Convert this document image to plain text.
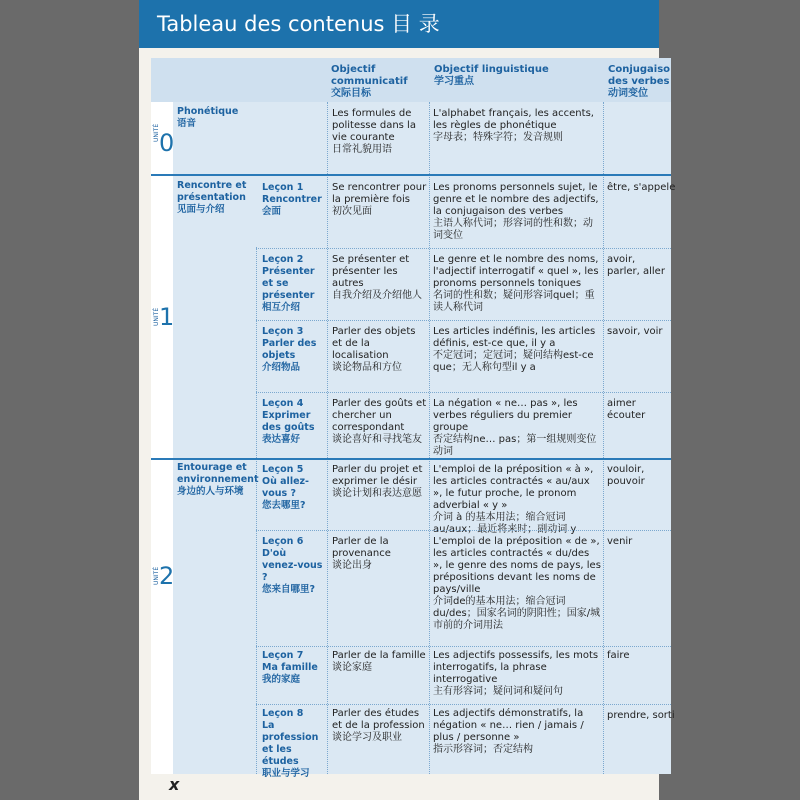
Tableau des contenus 目 录
Objectif communicatif
交际目标
Objectif linguistique
学习重点
Conjugaiso
des verbes
动词变位
UNITÉ 0
Phonétique
语音
Les formules de politesse dans la vie courante
日常礼貌用语
L'alphabet français, les accents, les règles de phonétique
字母表；特殊字符；发音规则
UNITÉ 1
Rencontre et présentation
见面与介绍
Leçon 1
Rencontrer
会面
Se rencontrer pour la première fois
初次见面
Les pronoms personnels sujet, le genre et le nombre des adjectifs, la conjugaison des verbes
主语人称代词；形容词的性和数；动词变位
être, s'appele
Leçon 2
Présenter et se présenter
相互介绍
Se présenter et présenter les autres
自我介绍及介绍他人
Le genre et le nombre des noms, l'adjectif interrogatif « quel », les pronoms personnels toniques
名词的性和数；疑问形容词quel；重读人称代词
avoir, parler, aller
Leçon 3
Parler des objets
介绍物品
Parler des objets et de la localisation
谈论物品和方位
Les articles indéfinis, les articles définis, est-ce que, il y a
不定冠词；定冠词；疑问结构est-ce que；无人称句型il y a
savoir, voir
Leçon 4
Exprimer des goûts
表达喜好
Parler des goûts et chercher un correspondant
谈论喜好和寻找笔友
La négation « ne… pas », les verbes réguliers du premier groupe
否定结构ne… pas；第一组规则变位动词
aimer écouter
UNITÉ 2
Entourage et environnement
身边的人与环境
Leçon 5
Où allez-vous ?
您去哪里?
Parler du projet et exprimer le désir
谈论计划和表达意愿
L'emploi de la préposition « à », les articles contractés « au/aux », le futur proche, le pronom adverbial « y »
介词 à 的基本用法；缩合冠词au/aux；最近将来时；副动词 y
vouloir, pouvoir
Leçon 6
D'où venez-vous ?
您来自哪里?
Parler de la provenance
谈论出身
L'emploi de la préposition « de », les articles contractés « du/des », le genre des noms de pays, les prépositions devant les noms de pays/ville
介词de的基本用法；缩合冠词 du/des；国家名词的阴阳性；国家/城市前的介词用法
venir
Leçon 7
Ma famille
我的家庭
Parler de la famille
谈论家庭
Les adjectifs possessifs, les mots interrogatifs, la phrase interrogative
主有形容词；疑问词和疑问句
faire
Leçon 8
La profession et les études
职业与学习
Parler des études et de la profession
谈论学习及职业
Les adjectifs démonstratifs, la négation « ne… rien / jamais / plus / personne »
指示形容词；否定结构
prendre, sorti
x
